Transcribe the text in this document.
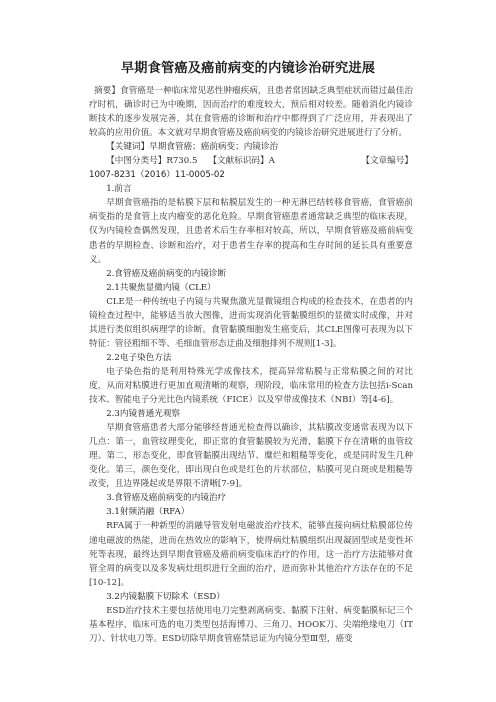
早期食管癌及癌前病变的内镜诊治研究进展

摘要】食管癌是一种临床常见恶性肿瘤疾病，且患者常因缺乏典型症状而错过最佳治疗时机，确诊时已为中晚期，因而治疗的难度较大，预后相对较差。随着消化内镜诊断技术的逐步发展完善，其在食管癌的诊断和治疗中都得到了广泛应用，并表现出了较高的应用价值。本文就对早期食管癌及癌前病变的内镜诊治研究进展进行了分析。

【关键词】早期食管癌；癌前病变；内镜诊治

【中图分类号】R730.5	【文献标识码】A	【文章编号】

1007-8231（2016）11-0005-02

1.前言

早期食管癌指的是粘膜下层和粘膜层发生的一种无淋巴结转移食管癌，食管癌前病变指的是食管上皮内瘤变的恶化危险。早期食管癌患者通常缺乏典型的临床表现，仅为内镜检查偶然发现，且患者术后生存率相对较高，所以，早期食管癌及癌前病变患者的早期检查、诊断和治疗，对于患者生存率的提高和生存时间的延长具有重要意义。

2.食管癌及癌前病变的内镜诊断

2.1共聚焦显微内镜（CLE）

CLE是一种传统电子内镜与共聚焦激光显微镜组合构成的检查技术，在患者的内镜检查过程中，能够适当放大图像，进而实现消化管黏膜组织的显微实时成像，并对其进行类似组织病理学的诊断。食管黏膜细胞发生癌变后，其CLE图像可表现为以下特征：管径粗细不等、毛细血管形态迂曲及细胞排列不规则[1-3]。

2.2电子染色方法

电子染色指的是利用特殊光学成像技术，提高异常粘膜与正常粘膜之间的对比度，从而对粘膜进行更加直观清晰的观察，现阶段，临床常用的检查方法包括i-Scan技术、智能电子分光比色内镜系统（FICE）以及窄带成像技术（NBI）等[4-6]。

2.3内镜普通光观察

早期食管癌患者大部分能够经普通光检查得以确诊，其粘膜改变通常表现为以下几点：第一，血管纹理变化，即正常的食管黏膜较为光滑，黏膜下存在清晰的血管纹理。第二，形态变化，即食管黏膜出现结节、糜烂和粗糙等变化，或是同时发生几种变化。第三，颜色变化，即出现白色或是红色的片状部位，粘膜可见白斑或是粗糙等改变，且边界隆起或是界限不清晰[7-9]。

3.食管癌及癌前病变的内镜治疗

3.1射频消融（RFA）

RFA属于一种新型的消融导管发射电磁波治疗技术，能够直接向病灶粘膜部位传递电磁波的热能，进而在热效应的影响下，使得病灶粘膜组织出现凝固型或是变性坏死等表现，最终达到早期食管癌及癌前病变临床治疗的作用，这一治疗方法能够对食管全周的病变以及多发病灶组织进行全面的治疗，进而弥补其他治疗方法存在的不足[10-12]。

3.2内镜黏膜下切除术（ESD）

ESD治疗技术主要包括使用电刀完整剥离病变、黏膜下注射、病变黏膜标记三个基本程序，临床可选的电刀类型包括海博刀、三角刀、HOOK刀、尖端绝缘电刀（IT刀）、针状电刀等。ESD切除早期食管癌禁忌证为内镜分型Ⅲ型，癌变
